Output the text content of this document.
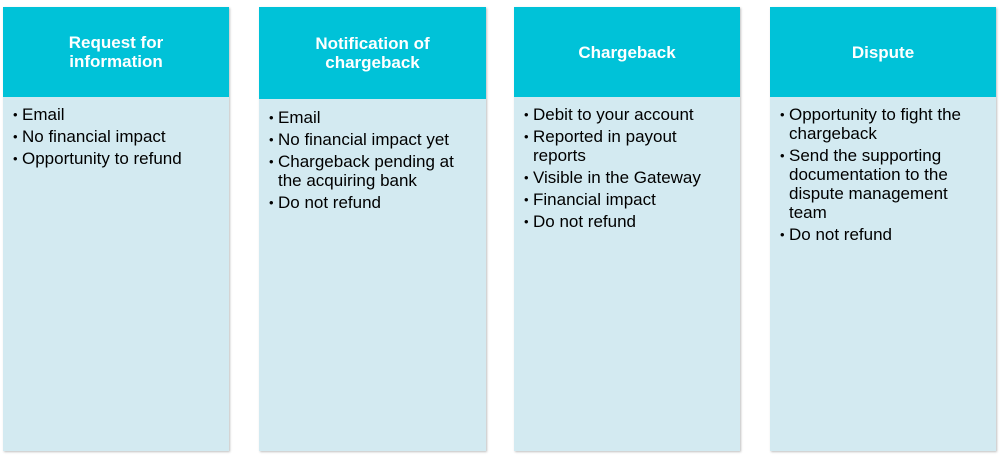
Request for information
• Email
• No financial impact
• Opportunity to refund
Notification of chargeback
• Email
• No financial impact yet
• Chargeback pending at the acquiring bank
• Do not refund
Chargeback
• Debit to your account
• Reported in payout reports
• Visible in the Gateway
• Financial impact
• Do not refund
Dispute
• Opportunity to fight the chargeback
• Send the supporting documentation to the dispute management team
• Do not refund
